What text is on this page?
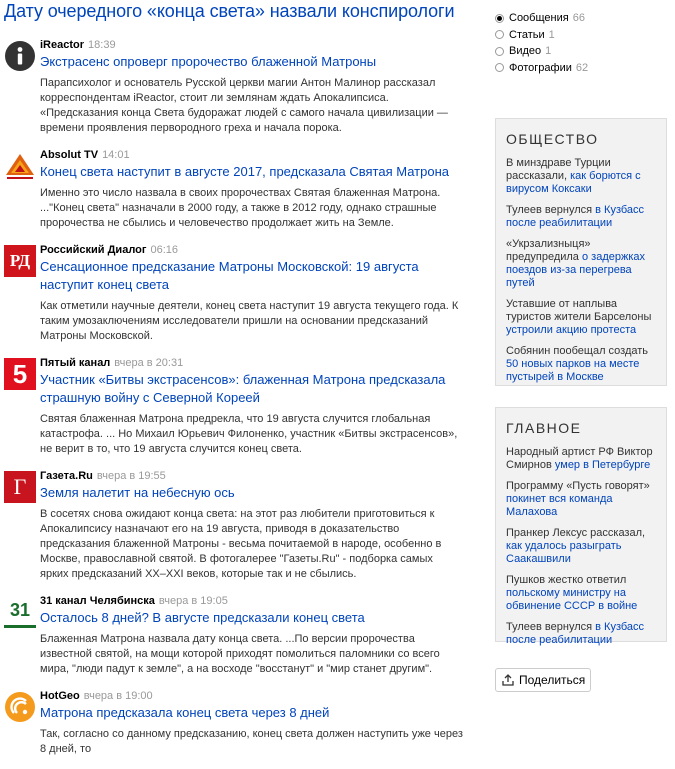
Дату очередного «конца света» назвали конспирологи
iReactor 18:39
Экстрасенс опроверг пророчество блаженной Матроны
Парапсихолог и основатель Русской церкви магии Антон Малинор рассказал корреспондентам iReactor, стоит ли землянам ждать Апокалипсиса. «Предсказания конца Света будоражат людей с самого начала цивилизации — времени проявления первородного греха и начала порока.
Absolut TV 14:01
Конец света наступит в августе 2017, предсказала Святая Матрона
Именно это число назвала в своих пророчествах Святая блаженная Матрона. ..."Конец света" назначали в 2000 году, а также в 2012 году, однако страшные пророчества не сбылись и человечество продолжает жить на Земле.
РД
Российский Диалог 06:16
Сенсационное предсказание Матроны Московской: 19 августа наступит конец света
Как отметили научные деятели, конец света наступит 19 августа текущего года. К таким умозаключениям исследователи пришли на основании предсказаний Матроны Московской.
5 Пятый канал вчера в 20:31
Участник «Битвы экстрасенсов»: блаженная Матрона предсказала страшную войну с Северной Кореей
Святая блаженная Матрона предрекла, что 19 августа случится глобальная катастрофа. ... Но Михаил Юрьевич Филоненко, участник «Битвы экстрасенсов», не верит в то, что 19 августа случится конец света.
Г Газета.Ru вчера в 19:55
Земля налетит на небесную ось
В сосетях снова ожидают конца света: на этот раз любители приготовиться к Апокалипсису назначают его на 19 августа, приводя в доказательство предсказания блаженной Матроны - весьма почитаемой в народе, особенно в Москве, православной святой. В фотогалерее "Газеты.Ru" - подборка самых ярких предсказаний XX–XXI веков, которые так и не сбылись.
31 31 канал Челябинска вчера в 19:05
Осталось 8 дней? В августе предсказали конец света
Блаженная Матрона назвала дату конца света. ...По версии пророчества известной святой, на мощи которой приходят помолиться паломники со всего мира, "люди падут к земле", а на восходе "восстанут" и "мир станет другим".
HotGeo вчера в 19:00
Матрона предсказала конец света через 8 дней
Так, согласно со данному предсказанию, конец света должен наступить уже через 8 дней, то
Сообщения 66
Статьи 1
Видео 1
Фотографии 62
ОБЩЕСТВО
В минздраве Турции рассказали, как борются с вирусом Коксаки
Тулеев вернулся в Кузбасс после реабилитации
«Укрзализныця» предупредила о задержках поездов из-за перегрева путей
Уставшие от наплыва туристов жители Барселоны устроили акцию протеста
Собянин пообещал создать 50 новых парков на месте пустырей в Москве
ГЛАВНОЕ
Народный артист РФ Виктор Смирнов умер в Петербурге
Программу «Пусть говорят» покинет вся команда Малахова
Пранкер Лексус рассказал, как удалось разыграть Саакашвили
Пушков жестко ответил польскому министру на обвинение СССР в войне
Тулеев вернулся в Кузбасс после реабилитации
Поделиться
